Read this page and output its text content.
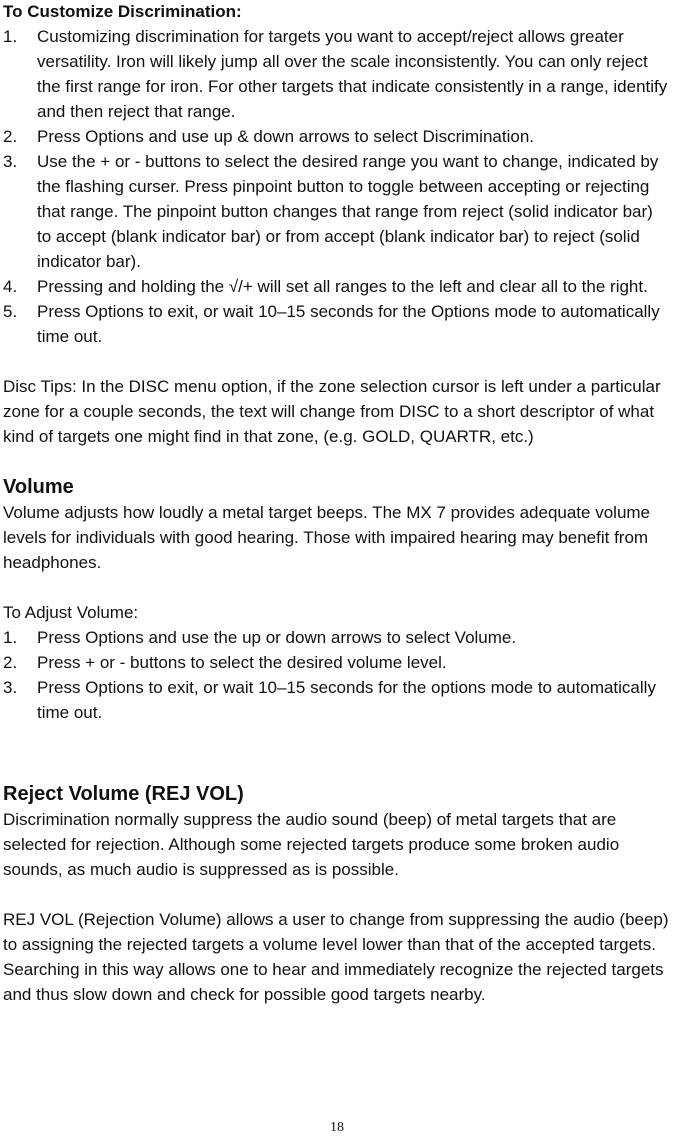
To Customize Discrimination:
1. Customizing discrimination for targets you want to accept/reject allows greater versatility. Iron will likely jump all over the scale inconsistently. You can only reject the first range for iron. For other targets that indicate consistently in a range, identify and then reject that range.
2. Press Options and use up & down arrows to select Discrimination.
3. Use the + or - buttons to select the desired range you want to change, indicated by the flashing curser. Press pinpoint button to toggle between accepting or rejecting that range. The pinpoint button changes that range from reject (solid indicator bar) to accept (blank indicator bar) or from accept (blank indicator bar) to reject (solid indicator bar).
4. Pressing and holding the √/+ will set all ranges to the left and clear all to the right.
5. Press Options to exit, or wait 10–15 seconds for the Options mode to automatically time out.

Disc Tips: In the DISC menu option, if the zone selection cursor is left under a particular zone for a couple seconds, the text will change from DISC to a short descriptor of what kind of targets one might find in that zone, (e.g. GOLD, QUARTR, etc.)

Volume

Volume adjusts how loudly a metal target beeps. The MX 7 provides adequate volume levels for individuals with good hearing. Those with impaired hearing may benefit from headphones.

To Adjust Volume:

1. Press Options and use the up or down arrows to select Volume.
2. Press + or - buttons to select the desired volume level.
3. Press Options to exit, or wait 10–15 seconds for the options mode to automatically time out.
Reject Volume (REJ VOL)

Discrimination normally suppress the audio sound (beep) of metal targets that are selected for rejection. Although some rejected targets produce some broken audio sounds, as much audio is suppressed as is possible.

REJ VOL (Rejection Volume) allows a user to change from suppressing the audio (beep) to assigning the rejected targets a volume level lower than that of the accepted targets. Searching in this way allows one to hear and immediately recognize the rejected targets and thus slow down and check for possible good targets nearby.

18
